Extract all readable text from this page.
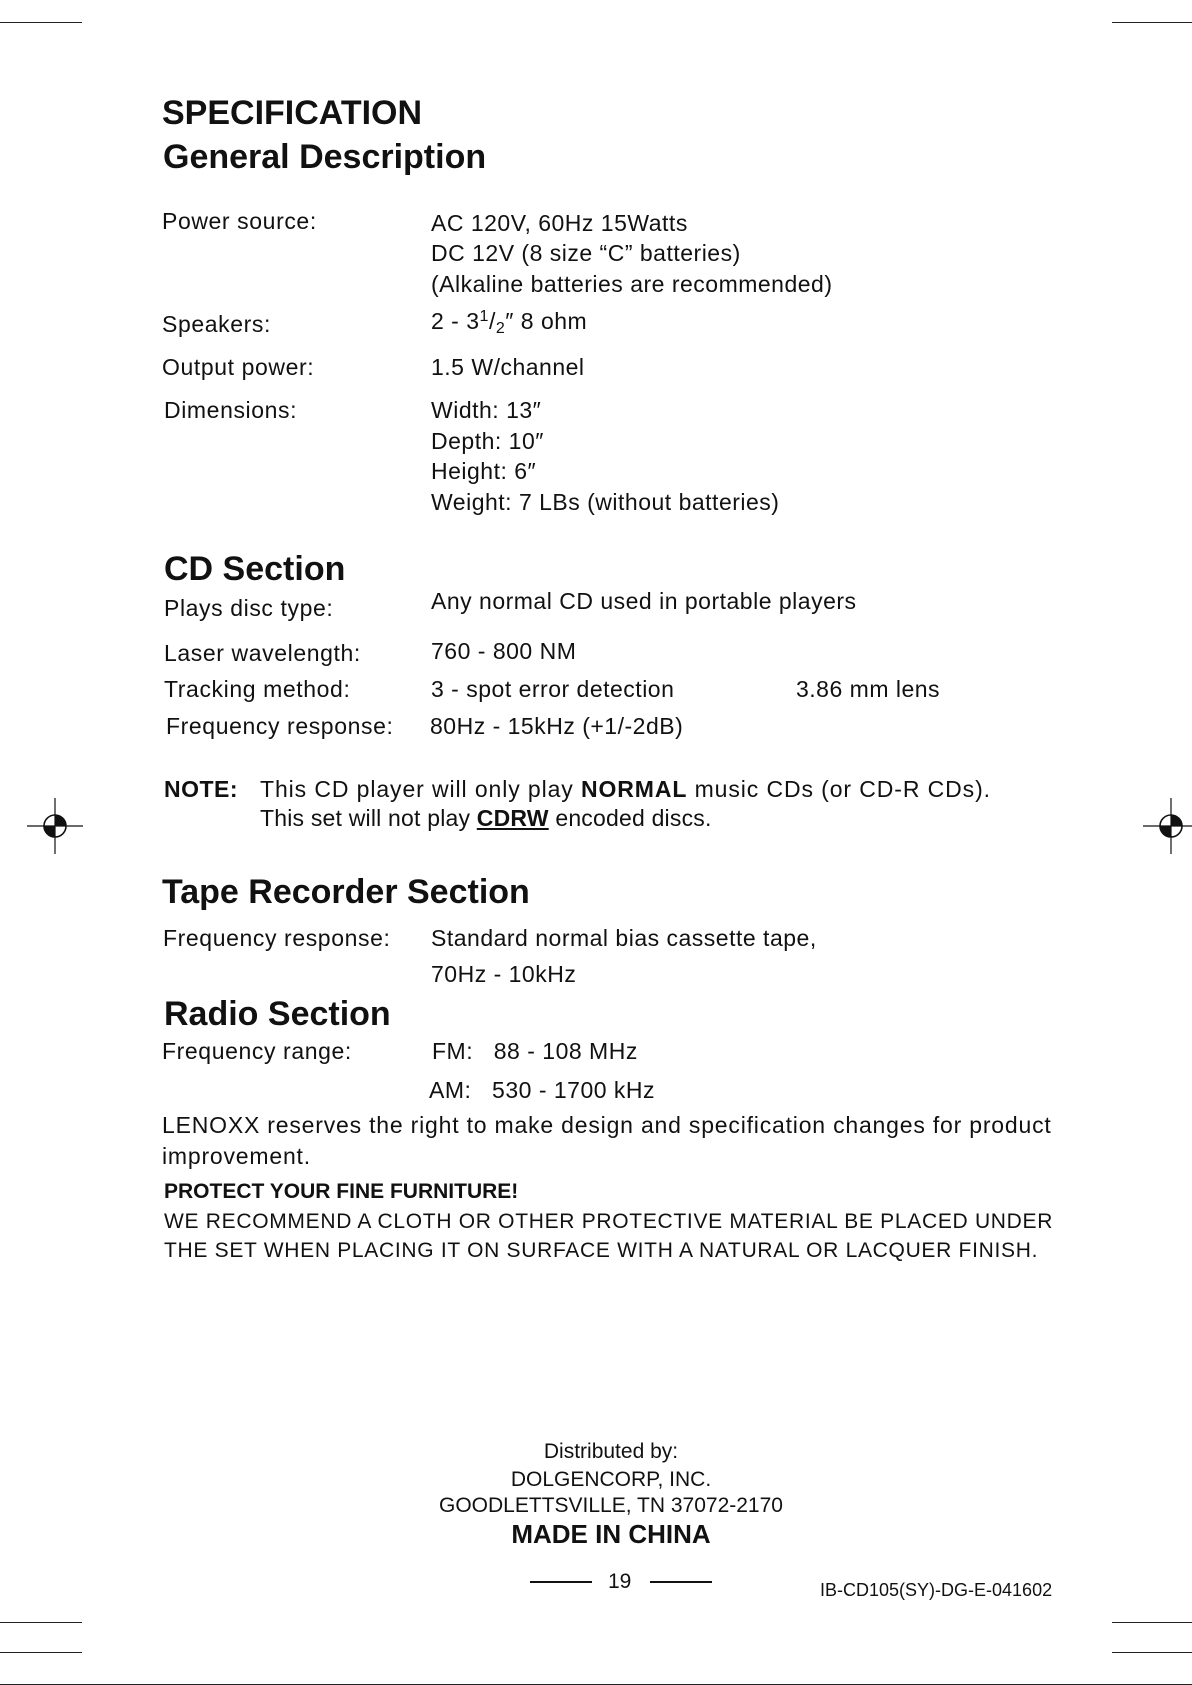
SPECIFICATION
General Description
Power source:	AC 120V, 60Hz 15Watts
DC 12V (8 size “C” batteries)
(Alkaline batteries are recommended)
Speakers:	$2 - 3^1/_2''$ 8 ohm
Output power:	1.5 W/channel
Dimensions:	Width: 13″
Depth: 10″
Height: 6″
Weight: 7 LBs (without batteries)
CD Section
Plays disc type:	Any normal CD used in portable players
Laser wavelength:	760 - 800 NM
Tracking method:	3 - spot error detection	3.86 mm lens
Frequency response: 80Hz - 15kHz (+1/-2dB)
NOTE: This CD player will only play NORMAL music CDs (or CD-R CDs).
This set will not play CDRW encoded discs.
Tape Recorder Section
Frequency response: Standard normal bias cassette tape,
70Hz - 10kHz
Radio Section
Frequency range:	FM:   88 - 108 MHz
AM:   530 - 1700 kHz
LENOXX reserves the right to make design and specification changes for product improvement.
PROTECT YOUR FINE FURNITURE!
WE RECOMMEND A CLOTH OR OTHER PROTECTIVE MATERIAL BE PLACED UNDER THE SET WHEN PLACING IT ON SURFACE WITH A NATURAL OR LACQUER FINISH.
Distributed by:
DOLGENCORP, INC.
GOODLETTSVILLE, TN 37072-2170
MADE IN CHINA
19	IB-CD105(SY)-DG-E-041602
